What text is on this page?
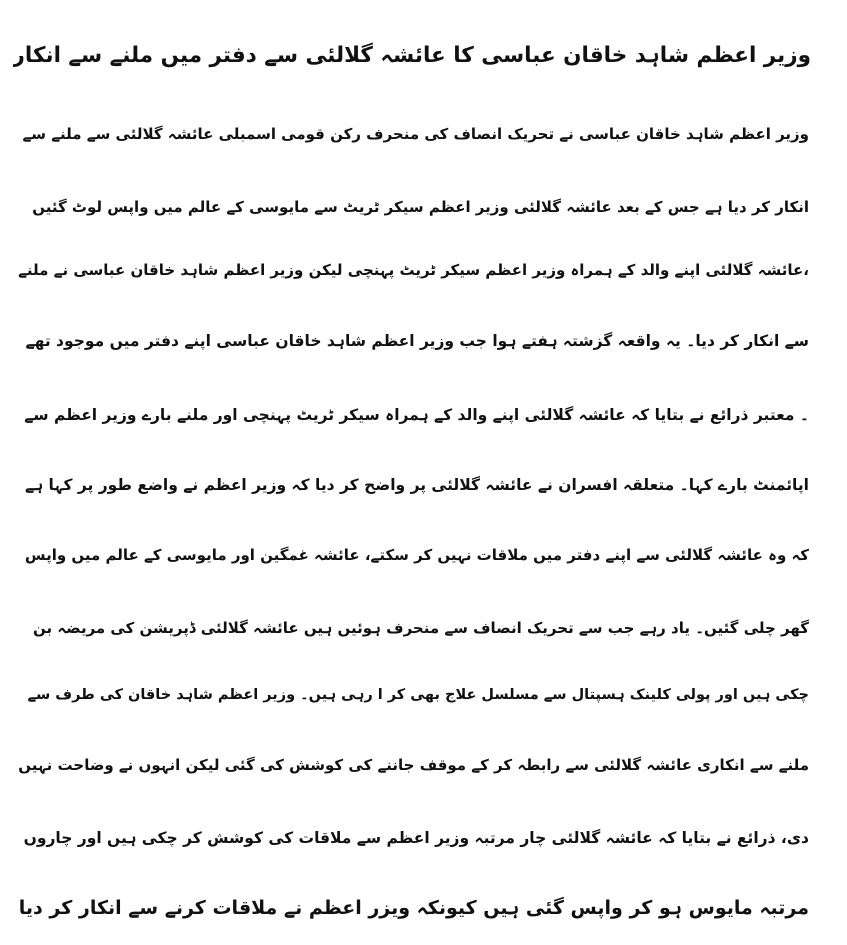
وزیر اعظم شاہد خاقان عباسی کا عائشہ گلالئی سے دفتر میں ملنے سے انکار
وزیر اعظم شاہد خاقان عباسی نے تحریک انصاف کی منحرف رکن قومی اسمبلی عائشہ گلالئی سے ملنے سے
انکار کر دیا ہے جس کے بعد عائشہ گلالئی وزیر اعظم سیکر ٹریٹ سے مایوسی کے عالم میں واپس لوٹ گئیں
،عائشہ گلالئی اپنے والد کے ہمراہ وزیر اعظم سیکر ٹریٹ پہنچی لیکن وزیر اعظم شاہد خاقان عباسی نے ملنے
سے انکار کر دیا۔ یہ واقعہ گزشتہ ہفتے ہوا جب وزیر اعظم شاہد خاقان عباسی اپنے دفتر میں موجود تھے
۔ معتبر ذرائع نے بتایا کہ عائشہ گلالئی اپنے والد کے ہمراہ سیکر ٹریٹ پہنچی اور ملنے بارے وزیر اعظم سے
اپائمنٹ بارے کہا۔ متعلقہ افسران نے عائشہ گلالئی پر واضح کر دیا کہ وزیر اعظم نے واضع طور پر کہا ہے
کہ وہ عائشہ گلالئی سے اپنے دفتر میں ملاقات نہیں کر سکتے، عائشہ غمگین اور مایوسی کے عالم میں واپس
گھر چلی گئیں۔ یاد رہے جب سے تحریک انصاف سے منحرف ہوئیں ہیں عائشہ گلالئی ڈپریشن کی مریضہ بن
چکی ہیں اور پولی کلینک ہسپتال سے مسلسل علاج بھی کر ا رہی ہیں۔ وزیر اعظم شاہد خاقان کی طرف سے
ملنے سے انکاری عائشہ گلالئی سے رابطہ کر کے موقف جاننے کی کوشش کی گئی لیکن انہوں نے وضاحت نہیں
دی، ذرائع نے بتایا کہ عائشہ گلالئی چار مرتبہ وزیر اعظم سے ملاقات کی کوشش کر چکی ہیں اور چاروں
مرتبہ مایوس ہو کر واپس گئی ہیں کیونکہ ویزر اعظم نے ملاقات کرنے سے انکار کر دیا
